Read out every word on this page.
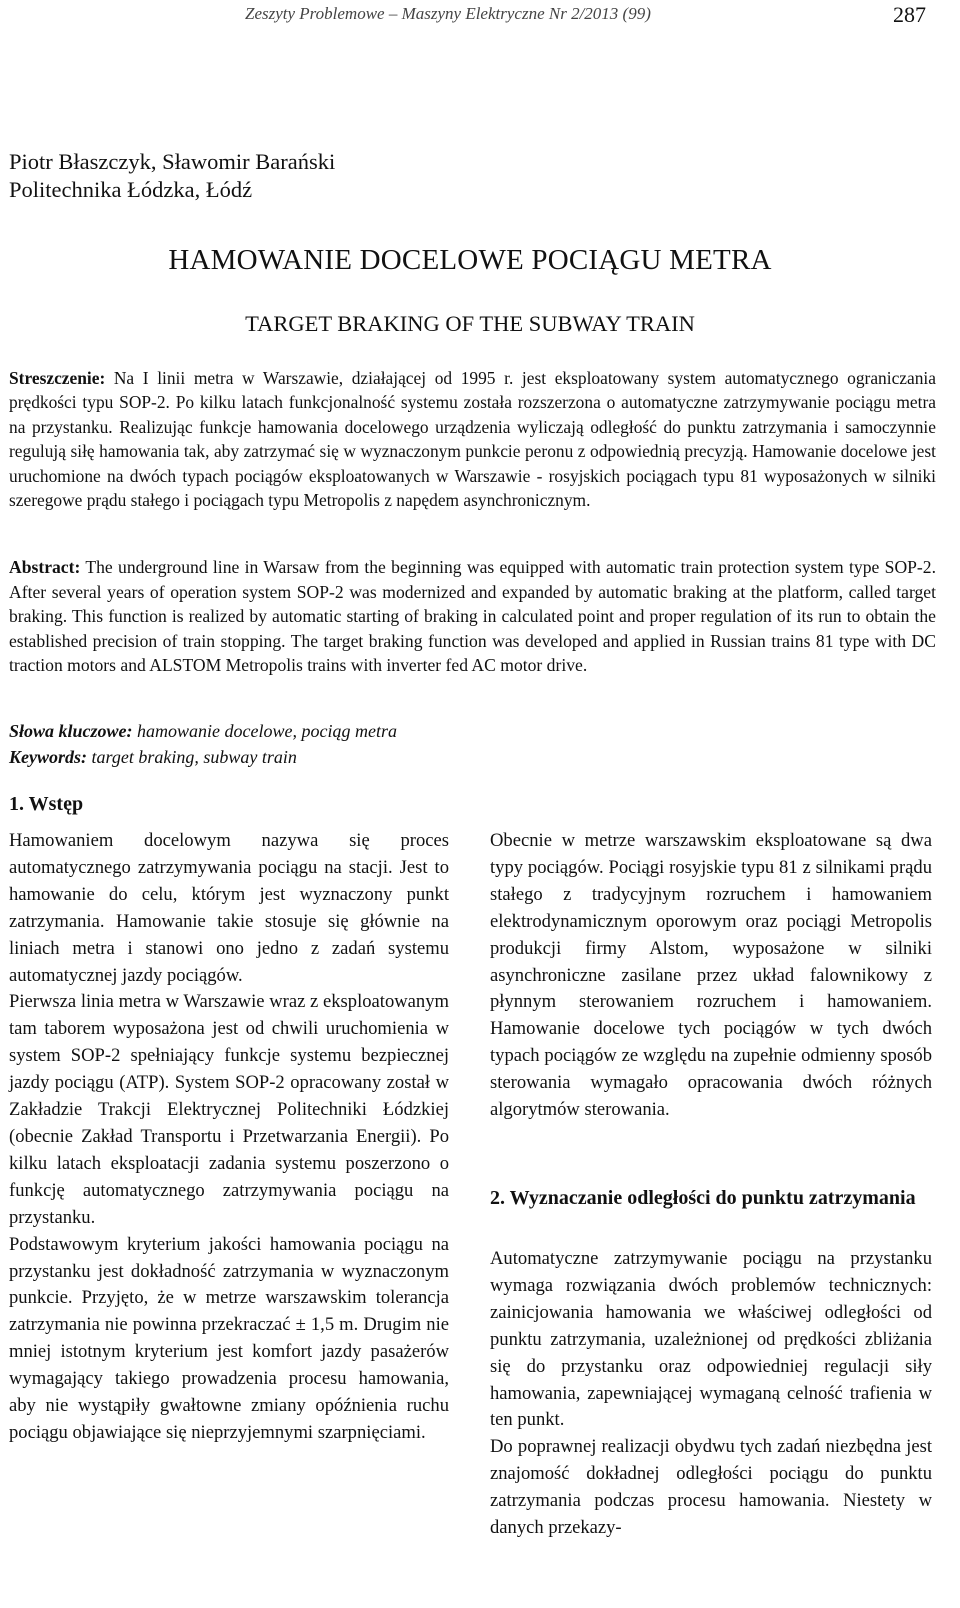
Zeszyty Problemowe – Maszyny Elektryczne Nr 2/2013 (99)	287
Piotr Błaszczyk, Sławomir Barański
Politechnika Łódzka, Łódź
HAMOWANIE DOCELOWE POCIĄGU METRA
TARGET BRAKING OF THE SUBWAY TRAIN
Streszczenie: Na I linii metra w Warszawie, działającej od 1995 r. jest eksploatowany system automatycznego ograniczania prędkości typu SOP-2. Po kilku latach funkcjonalność systemu została rozszerzona o automatyczne zatrzymywanie pociągu metra na przystanku. Realizując funkcje hamowania docelowego urządzenia wyliczają odległość do punktu zatrzymania i samoczynnie regulują siłę hamowania tak, aby zatrzymać się w wyznaczonym punkcie peronu z odpowiednią precyzją. Hamowanie docelowe jest uruchomione na dwóch typach pociągów eksploatowanych w Warszawie - rosyjskich pociągach typu 81 wyposażonych w silniki szeregowe prądu stałego i pociągach typu Metropolis z napędem asynchronicznym.
Abstract: The underground line in Warsaw from the beginning was equipped with automatic train protection system type SOP-2. After several years of operation system SOP-2 was modernized and expanded by automatic braking at the platform, called target braking. This function is realized by automatic starting of braking in calculated point and proper regulation of its run to obtain the established precision of train stopping. The target braking function was developed and applied in Russian trains 81 type with DC traction motors and ALSTOM Metropolis trains with inverter fed AC motor drive.
Słowa kluczowe: hamowanie docelowe, pociąg metra
Keywords: target braking, subway train
1. Wstęp

Hamowaniem docelowym nazywa się proces automatycznego zatrzymywania pociągu na stacji. Jest to hamowanie do celu, którym jest wyznaczony punkt zatrzymania. Hamowanie takie stosuje się głównie na liniach metra i stanowi ono jedno z zadań systemu automatycznej jazdy pociągów.

Pierwsza linia metra w Warszawie wraz z eksploatowanym tam taborem wyposażona jest od chwili uruchomienia w system SOP-2 spełniający funkcje systemu bezpiecznej jazdy pociągu (ATP). System SOP-2 opracowany został w Zakładzie Trakcji Elektrycznej Politechniki Łódzkiej (obecnie Zakład Transportu i Przetwarzania Energii). Po kilku latach eksploatacji zadania systemu poszerzono o funkcję automatycznego zatrzymywania pociągu na przystanku.

Podstawowym kryterium jakości hamowania pociągu na przystanku jest dokładność zatrzymania w wyznaczonym punkcie. Przyjęto, że w metrze warszawskim tolerancja zatrzymania nie powinna przekraczać ± 1,5 m. Drugim nie mniej istotnym kryterium jest komfort jazdy pasażerów wymagający takiego prowadzenia procesu hamowania, aby nie wystąpiły gwałtowne zmiany opóźnienia ruchu pociągu objawiające się nieprzyjemnymi szarpnięciami.

Obecnie w metrze warszawskim eksploatowane są dwa typy pociągów. Pociągi rosyjskie typu 81 z silnikami prądu stałego z tradycyjnym rozruchem i hamowaniem elektrodynamicznym oporowym oraz pociągi Metropolis produkcji firmy Alstom, wyposażone w silniki asynchroniczne zasilane przez układ falownikowy z płynnym sterowaniem rozruchem i hamowaniem. Hamowanie docelowe tych pociągów w tych dwóch typach pociągów ze względu na zupełnie odmienny sposób sterowania wymagało opracowania dwóch różnych algorytmów sterowania.

2. Wyznaczanie odległości do punktu zatrzymania

Automatyczne zatrzymywanie pociągu na przystanku wymaga rozwiązania dwóch problemów technicznych: zainicjowania hamowania we właściwej odległości od punktu zatrzymania, uzależnionej od prędkości zbliżania się do przystanku oraz odpowiedniej regulacji siły hamowania, zapewniającej wymaganą celność trafienia w ten punkt.

Do poprawnej realizacji obydwu tych zadań niezbędna jest znajomość dokładnej odległości pociągu do punktu zatrzymania podczas procesu hamowania. Niestety w danych przekazy-
